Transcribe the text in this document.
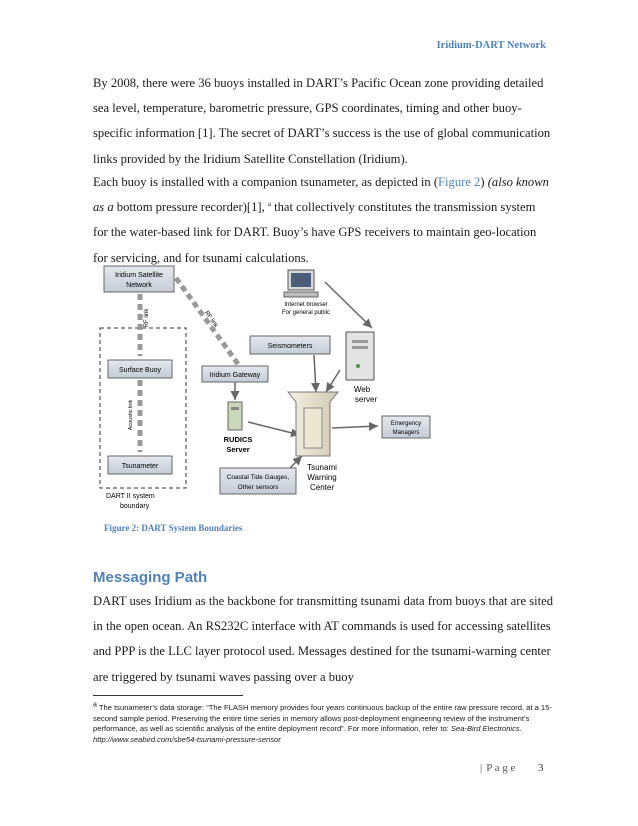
Iridium-DART Network

By 2008, there were 36 buoys installed in DART’s Pacific Ocean zone providing detailed sea level, temperature, barometric pressure, GPS coordinates, timing and other buoy-specific information [1]. The secret of DART’s success is the use of global communication links provided by the Iridium Satellite Constellation (Iridium).

Each buoy is installed with a companion tsunameter, as depicted in (Figure 2) (also known as a bottom pressure recorder)[1], $^a$ that collectively constitutes the transmission system for the water-based link for DART. Buoy’s have GPS receivers to maintain geo-location for servicing, and for tsunami calculations.

Iridium Satellite
Network
RF link	RF link
Surface Buoy
Acoustic link
Tsunameter
DART II system
boundary
Iridium Gateway
RUDICS
Server
Internet browser
For general public
Seismometers
Web
server
Tsunami
Warning
Center
Emergency
Managers
Coastal Tide Gauges,
Other sensors
Figure 2: DART System Boundaries
Messaging Path

DART uses Iridium as the backbone for transmitting tsunami data from buoys that are sited in the open ocean. An RS232C interface with AT commands is used for accessing satellites and PPP is the LLC layer protocol used. Messages destined for the tsunami-warning center are triggered by tsunami waves passing over a buoy

a The tsunameter’s data storage: “The FLASH memory provides four years continuous backup of the entire raw pressure record, at a 15-second sample period. Preserving the entire time series in memory allows post-deployment engineering review of the instrument’s performance, as well as scientific analysis of the entire deployment record”. For more information, refer to: Sea-Bird Electronics. http://www.seabird.com/sbe54-tsunami-pressure-sensor

| P a g e 3
